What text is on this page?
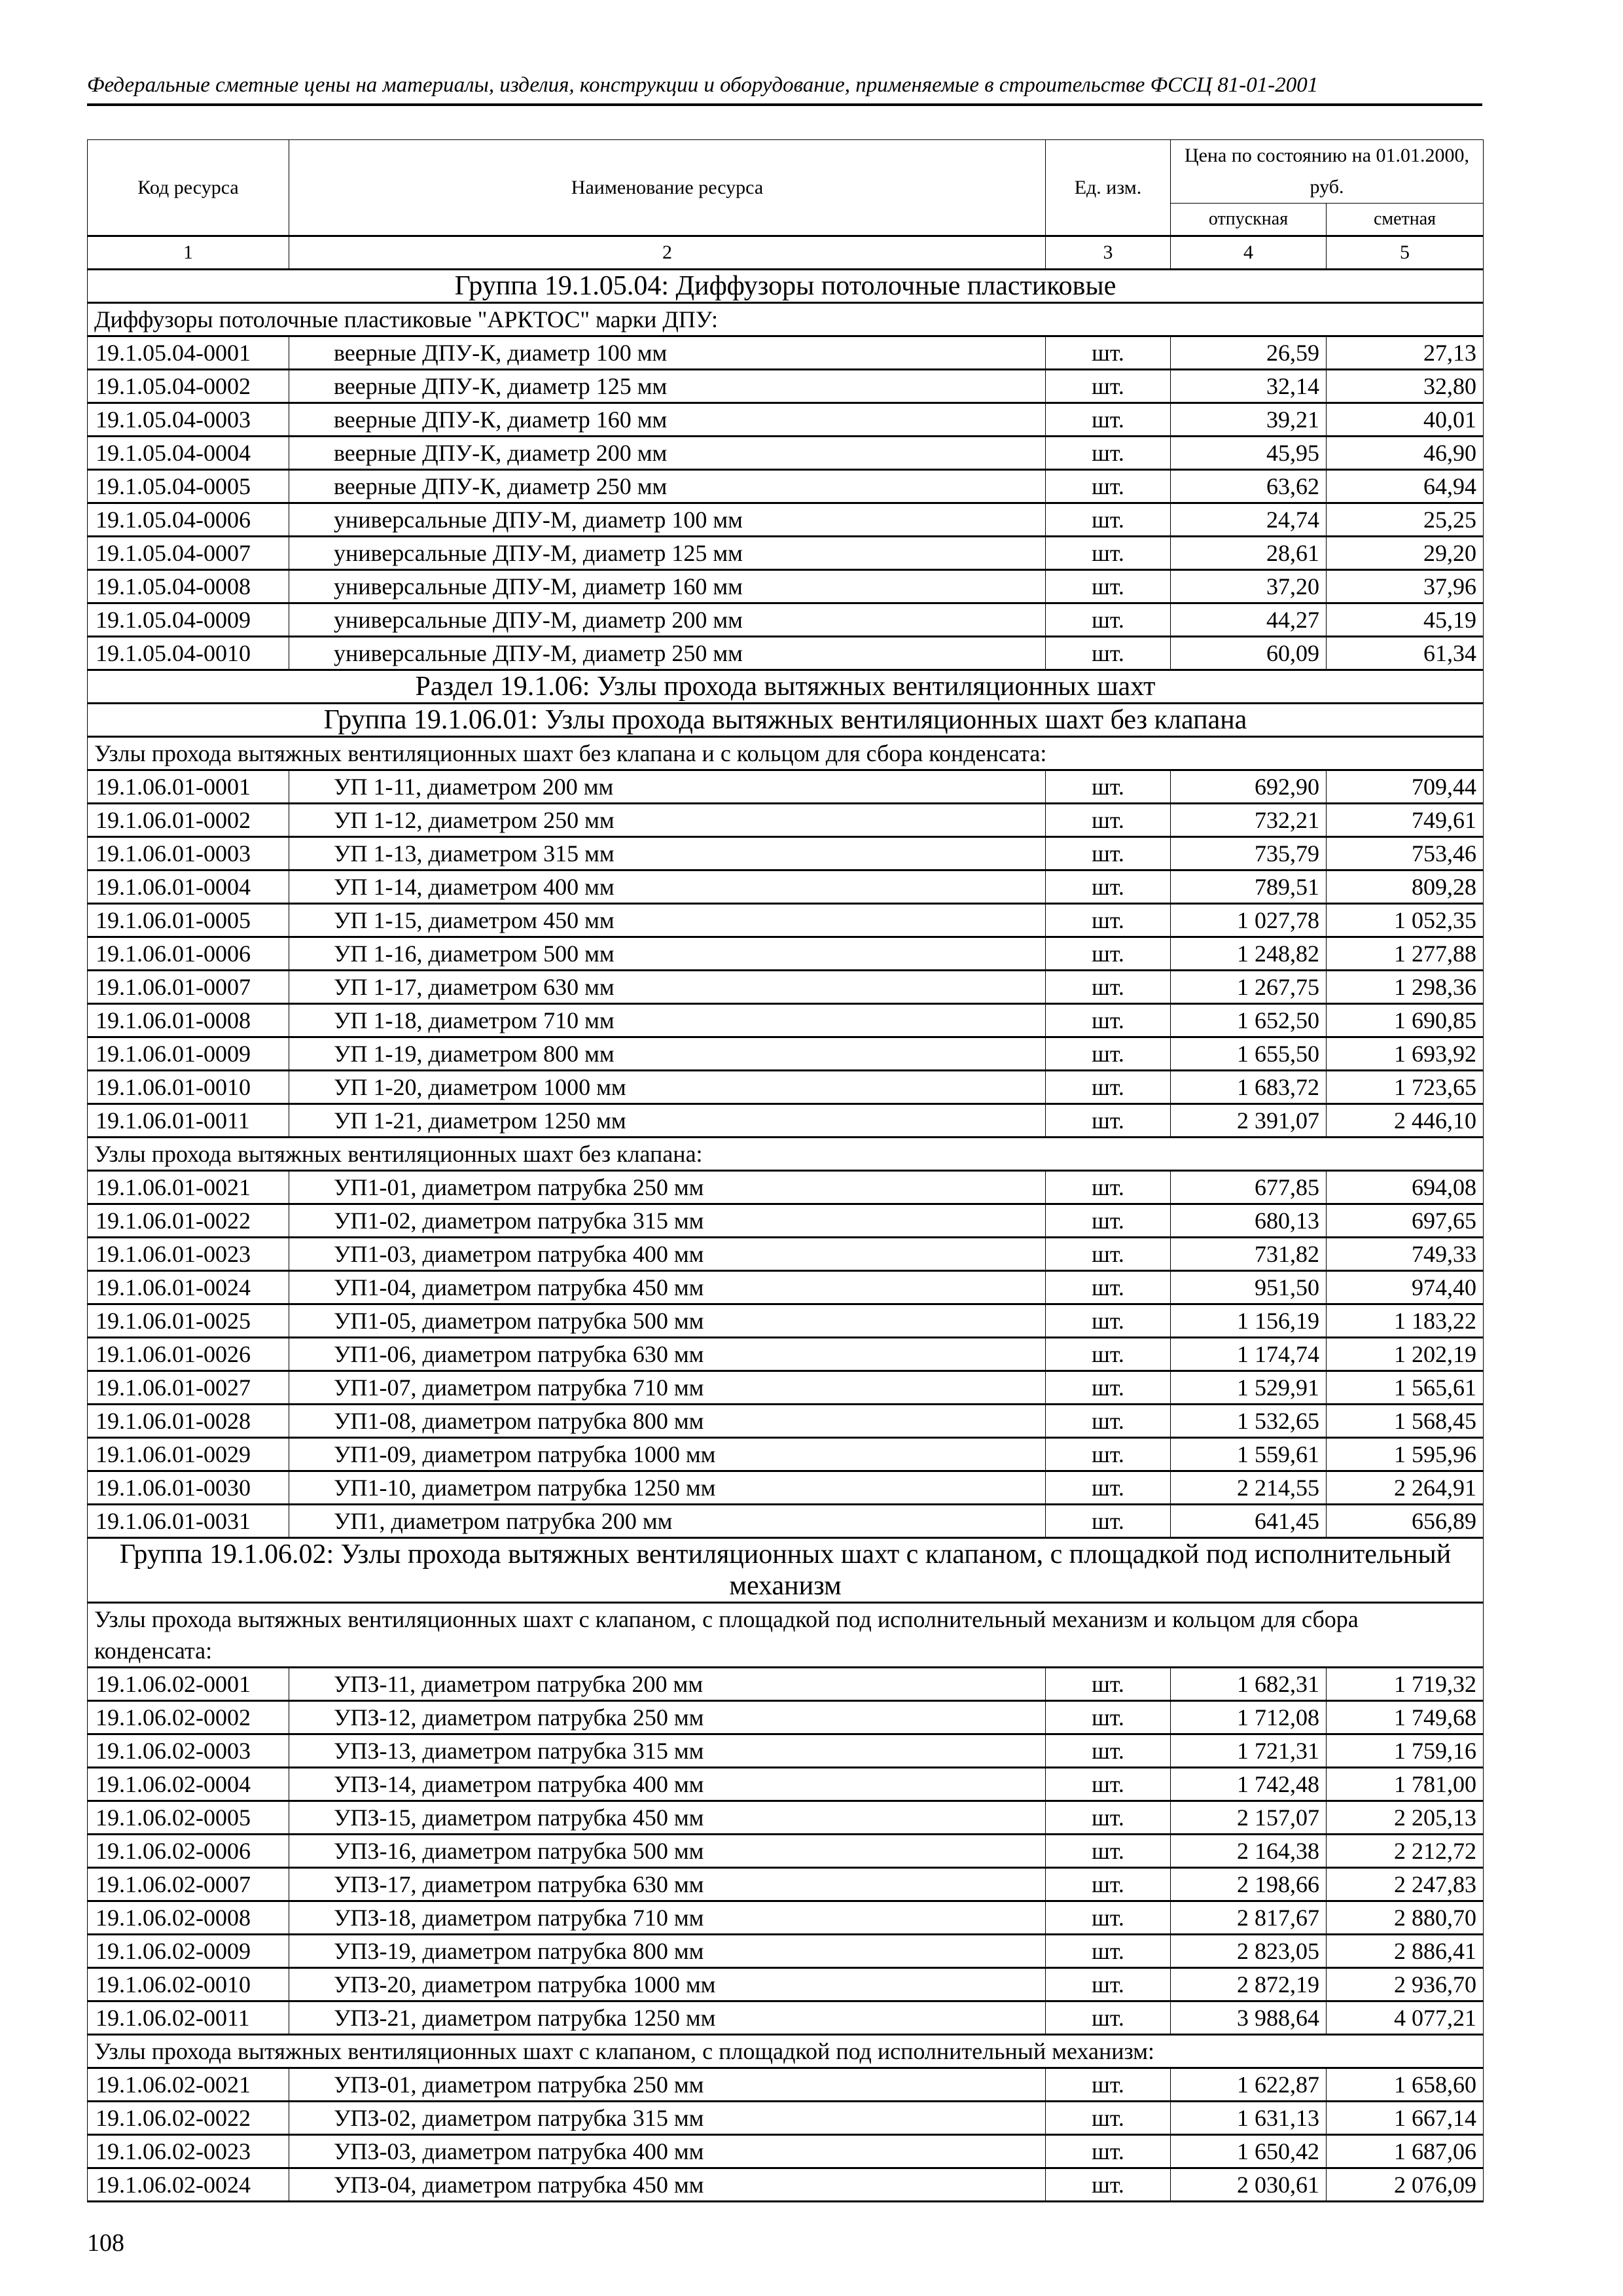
Федеральные сметные цены на материалы, изделия, конструкции и оборудование, применяемые в строительстве ФССЦ 81-01-2001
Код ресурса	Наименование ресурса	Ед. изм.	Цена по состоянию на 01.01.2000, руб.	
			отпускная	сметная
1	2	3	4	5
Группа 19.1.05.04: Диффузоры потолочные пластиковые				
Диффузоры потолочные пластиковые "АРКТОС" марки ДПУ:				
19.1.05.04-0001	веерные ДПУ-К, диаметр 100 мм	шт.	26,59	27,13
19.1.05.04-0002	веерные ДПУ-К, диаметр 125 мм	шт.	32,14	32,80
19.1.05.04-0003	веерные ДПУ-К, диаметр 160 мм	шт.	39,21	40,01
19.1.05.04-0004	веерные ДПУ-К, диаметр 200 мм	шт.	45,95	46,90
19.1.05.04-0005	веерные ДПУ-К, диаметр 250 мм	шт.	63,62	64,94
19.1.05.04-0006	универсальные ДПУ-М, диаметр 100 мм	шт.	24,74	25,25
19.1.05.04-0007	универсальные ДПУ-М, диаметр 125 мм	шт.	28,61	29,20
19.1.05.04-0008	универсальные ДПУ-М, диаметр 160 мм	шт.	37,20	37,96
19.1.05.04-0009	универсальные ДПУ-М, диаметр 200 мм	шт.	44,27	45,19
19.1.05.04-0010	универсальные ДПУ-М, диаметр 250 мм	шт.	60,09	61,34
Раздел 19.1.06: Узлы прохода вытяжных вентиляционных шахт				
Группа 19.1.06.01: Узлы прохода вытяжных вентиляционных шахт без клапана				
Узлы прохода вытяжных вентиляционных шахт без клапана и с кольцом для сбора конденсата:				
19.1.06.01-0001	УП 1-11, диаметром 200 мм	шт.	692,90	709,44
19.1.06.01-0002	УП 1-12, диаметром 250 мм	шт.	732,21	749,61
19.1.06.01-0003	УП 1-13, диаметром 315 мм	шт.	735,79	753,46
19.1.06.01-0004	УП 1-14, диаметром 400 мм	шт.	789,51	809,28
19.1.06.01-0005	УП 1-15, диаметром 450 мм	шт.	1 027,78	1 052,35
19.1.06.01-0006	УП 1-16, диаметром 500 мм	шт.	1 248,82	1 277,88
19.1.06.01-0007	УП 1-17, диаметром 630 мм	шт.	1 267,75	1 298,36
19.1.06.01-0008	УП 1-18, диаметром 710 мм	шт.	1 652,50	1 690,85
19.1.06.01-0009	УП 1-19, диаметром 800 мм	шт.	1 655,50	1 693,92
19.1.06.01-0010	УП 1-20, диаметром 1000 мм	шт.	1 683,72	1 723,65
19.1.06.01-0011	УП 1-21, диаметром 1250 мм	шт.	2 391,07	2 446,10
Узлы прохода вытяжных вентиляционных шахт без клапана:				
19.1.06.01-0021	УП1-01, диаметром патрубка 250 мм	шт.	677,85	694,08
19.1.06.01-0022	УП1-02, диаметром патрубка 315 мм	шт.	680,13	697,65
19.1.06.01-0023	УП1-03, диаметром патрубка 400 мм	шт.	731,82	749,33
19.1.06.01-0024	УП1-04, диаметром патрубка 450 мм	шт.	951,50	974,40
19.1.06.01-0025	УП1-05, диаметром патрубка 500 мм	шт.	1 156,19	1 183,22
19.1.06.01-0026	УП1-06, диаметром патрубка 630 мм	шт.	1 174,74	1 202,19
19.1.06.01-0027	УП1-07, диаметром патрубка 710 мм	шт.	1 529,91	1 565,61
19.1.06.01-0028	УП1-08, диаметром патрубка 800 мм	шт.	1 532,65	1 568,45
19.1.06.01-0029	УП1-09, диаметром патрубка 1000 мм	шт.	1 559,61	1 595,96
19.1.06.01-0030	УП1-10, диаметром патрубка 1250 мм	шт.	2 214,55	2 264,91
19.1.06.01-0031	УП1, диаметром патрубка 200 мм	шт.	641,45	656,89
Группа 19.1.06.02: Узлы прохода вытяжных вентиляционных шахт с клапаном, с площадкой под исполнительный механизм				
Узлы прохода вытяжных вентиляционных шахт с клапаном, с площадкой под исполнительный механизм и кольцом для сбора конденсата:				
19.1.06.02-0001	УПЗ-11, диаметром патрубка 200 мм	шт.	1 682,31	1 719,32
19.1.06.02-0002	УПЗ-12, диаметром патрубка 250 мм	шт.	1 712,08	1 749,68
19.1.06.02-0003	УПЗ-13, диаметром патрубка 315 мм	шт.	1 721,31	1 759,16
19.1.06.02-0004	УПЗ-14, диаметром патрубка 400 мм	шт.	1 742,48	1 781,00
19.1.06.02-0005	УПЗ-15, диаметром патрубка 450 мм	шт.	2 157,07	2 205,13
19.1.06.02-0006	УПЗ-16, диаметром патрубка 500 мм	шт.	2 164,38	2 212,72
19.1.06.02-0007	УПЗ-17, диаметром патрубка 630 мм	шт.	2 198,66	2 247,83
19.1.06.02-0008	УПЗ-18, диаметром патрубка 710 мм	шт.	2 817,67	2 880,70
19.1.06.02-0009	УПЗ-19, диаметром патрубка 800 мм	шт.	2 823,05	2 886,41
19.1.06.02-0010	УПЗ-20, диаметром патрубка 1000 мм	шт.	2 872,19	2 936,70
19.1.06.02-0011	УПЗ-21, диаметром патрубка 1250 мм	шт.	3 988,64	4 077,21
Узлы прохода вытяжных вентиляционных шахт с клапаном, с площадкой под исполнительный механизм:				
19.1.06.02-0021	УПЗ-01, диаметром патрубка 250 мм	шт.	1 622,87	1 658,60
19.1.06.02-0022	УПЗ-02, диаметром патрубка 315 мм	шт.	1 631,13	1 667,14
19.1.06.02-0023	УПЗ-03, диаметром патрубка 400 мм	шт.	1 650,42	1 687,06
19.1.06.02-0024	УПЗ-04, диаметром патрубка 450 мм	шт.	2 030,61	2 076,09
108
